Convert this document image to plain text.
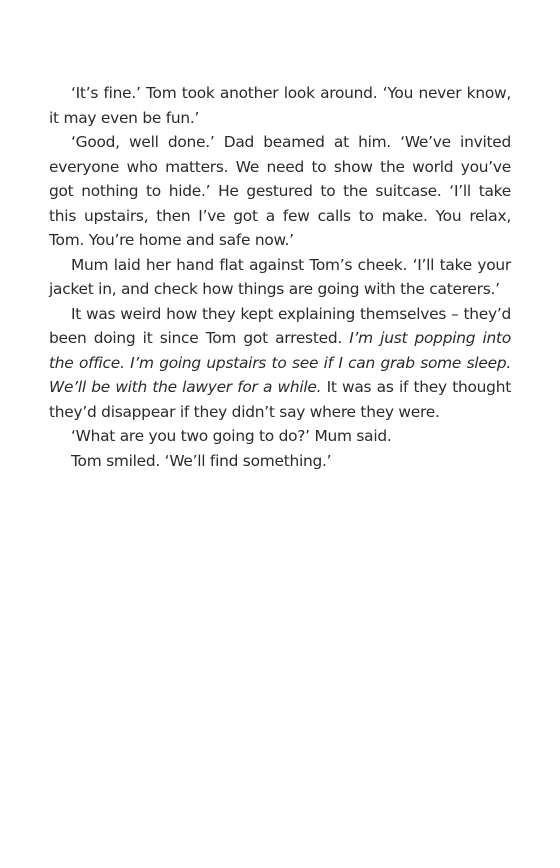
‘It’s fine.’ Tom took another look around. ‘You never know, it may even be fun.’

‘Good, well done.’ Dad beamed at him. ‘We’ve invited everyone who matters. We need to show the world you’ve got nothing to hide.’ He gestured to the suitcase. ‘I’ll take this upstairs, then I’ve got a few calls to make. You relax, Tom. You’re home and safe now.’

Mum laid her hand flat against Tom’s cheek. ‘I’ll take your jacket in, and check how things are going with the caterers.’

It was weird how they kept explaining themselves – they’d been doing it since Tom got arrested. I’m just popping into the office. I’m going upstairs to see if I can grab some sleep. We’ll be with the lawyer for a while. It was as if they thought they’d disappear if they didn’t say where they were.

‘What are you two going to do?’ Mum said.

Tom smiled. ‘We’ll find something.’
